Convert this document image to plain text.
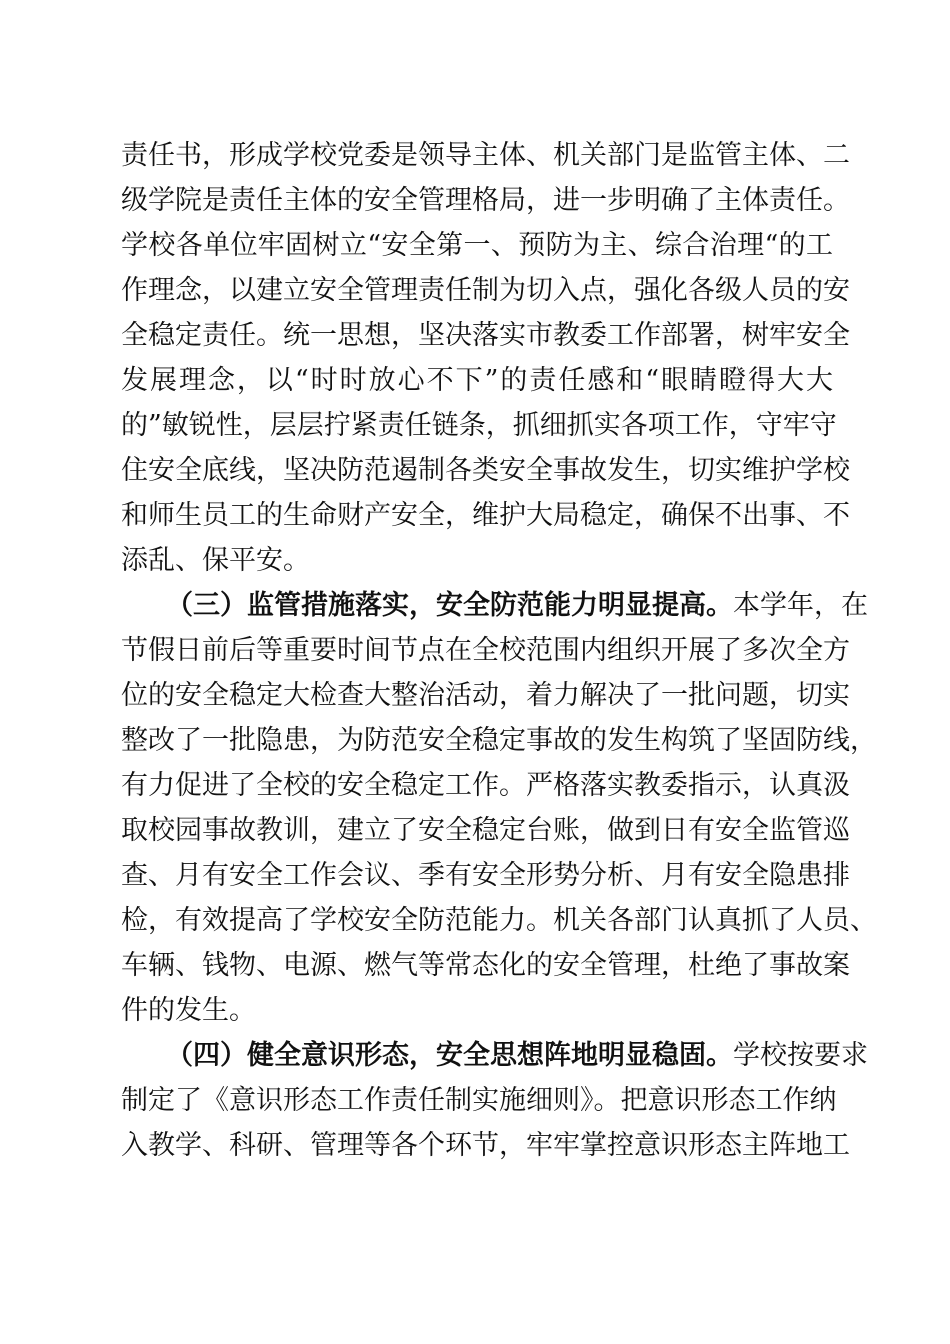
责任书，形成学校党委是领导主体、机关部门是监管主体、二
级学院是责任主体的安全管理格局，进一步明确了主体责任。
学校各单位牢固树立“安全第一、预防为主、综合治理“的工
作理念，以建立安全管理责任制为切入点，强化各级人员的安
全稳定责任。统一思想，坚决落实市教委工作部署，树牢安全
发展理念，以“时时放心不下”的责任感和“眼睛瞪得大大
的”敏锐性，层层拧紧责任链条，抓细抓实各项工作，守牢守
住安全底线，坚决防范遏制各类安全事故发生，切实维护学校
和师生员工的生命财产安全，维护大局稳定，确保不出事、不
添乱、保平安。
（三）监管措施落实，安全防范能力明显提高。本学年，在
节假日前后等重要时间节点在全校范围内组织开展了多次全方
位的安全稳定大检查大整治活动，着力解决了一批问题，切实
整改了一批隐患，为防范安全稳定事故的发生构筑了坚固防线，
有力促进了全校的安全稳定工作。严格落实教委指示，认真汲
取校园事故教训，建立了安全稳定台账，做到日有安全监管巡
查、月有安全工作会议、季有安全形势分析、月有安全隐患排
检，有效提高了学校安全防范能力。机关各部门认真抓了人员、
车辆、钱物、电源、燃气等常态化的安全管理，杜绝了事故案
件的发生。
（四）健全意识形态，安全思想阵地明显稳固。学校按要求
制定了《意识形态工作责任制实施细则》。把意识形态工作纳
入教学、科研、管理等各个环节，牢牢掌控意识形态主阵地工
